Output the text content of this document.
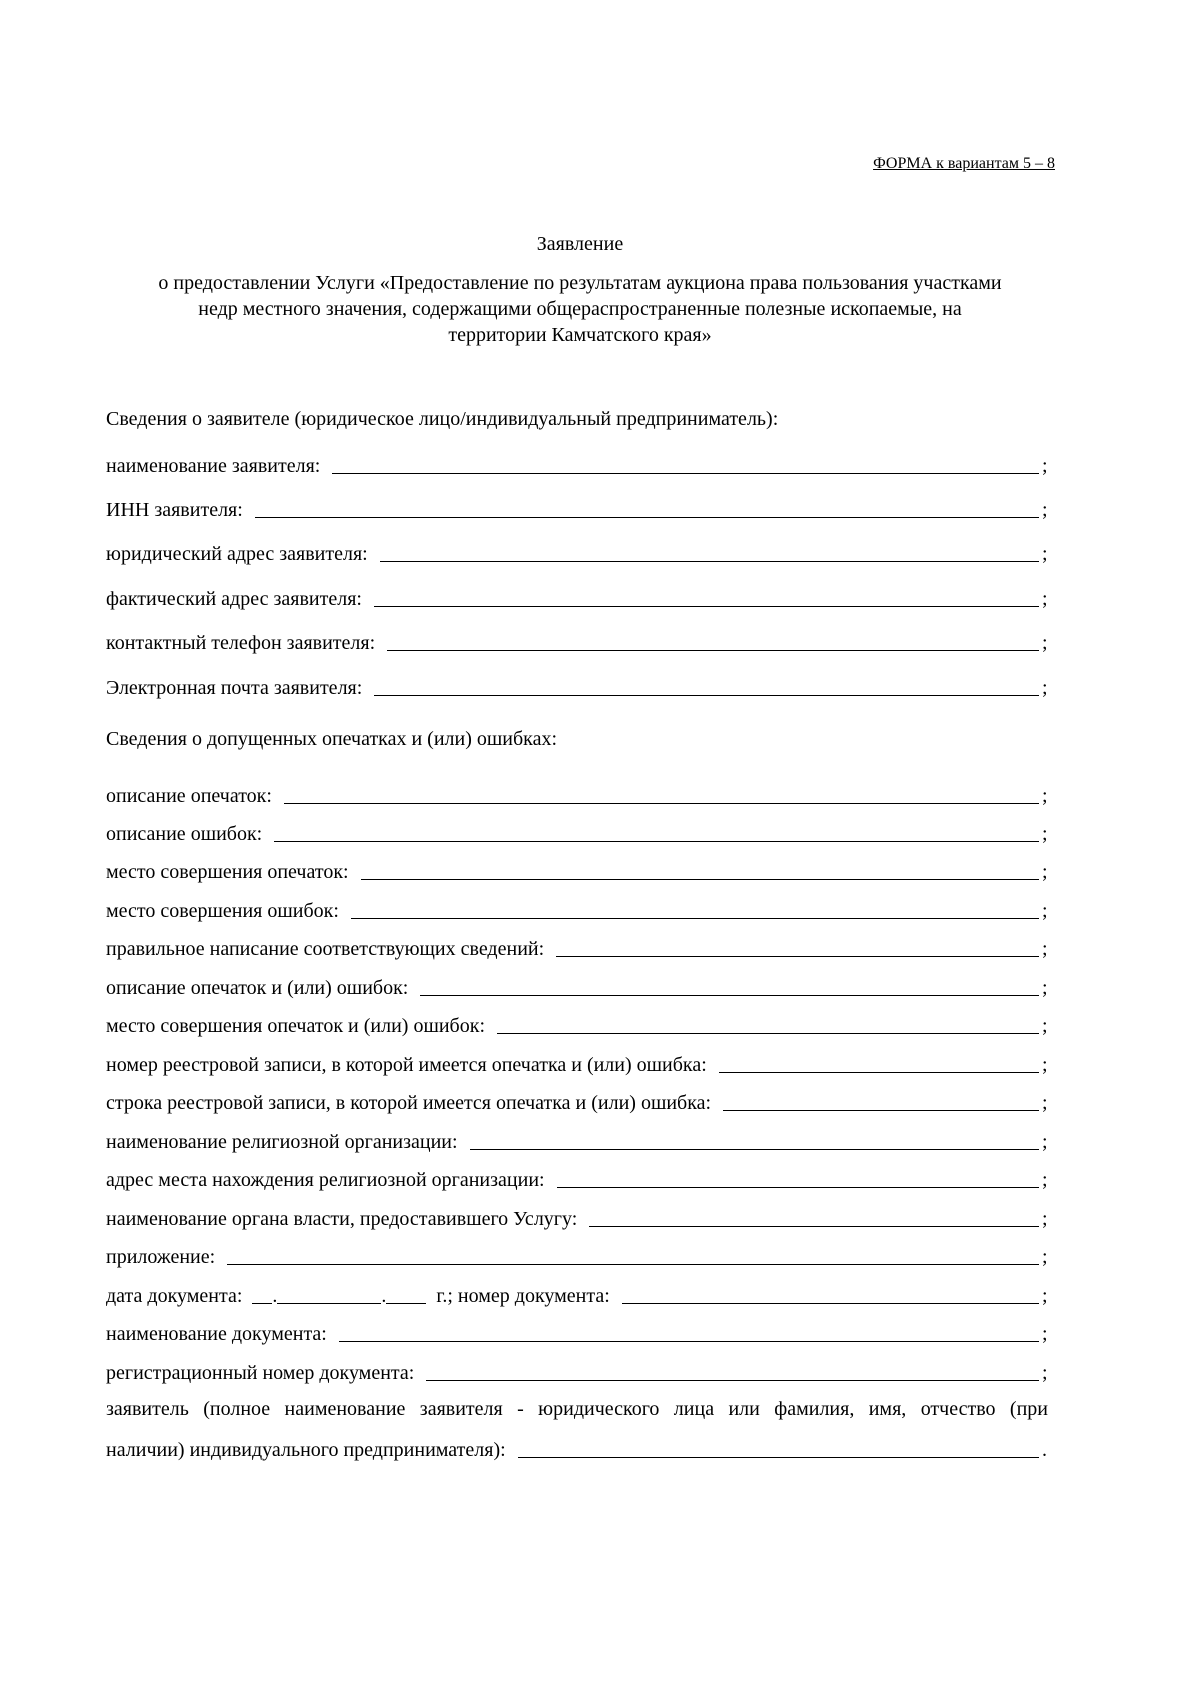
ФОРМА к вариантам 5 – 8
Заявление
о предоставлении Услуги «Предоставление по результатам аукциона права пользования участками
недр местного значения, содержащими общераспространенные полезные ископаемые, на
территории Камчатского края»
Сведения о заявителе (юридическое лицо/индивидуальный предприниматель):
наименование заявителя:	;
ИНН заявителя:	;
юридический адрес заявителя:	;
фактический адрес заявителя:	;
контактный телефон заявителя:	;
Электронная почта заявителя:	;
Сведения о допущенных опечатках и (или) ошибках:
описание опечаток:	;
описание ошибок:	;
место совершения опечаток:	;
место совершения ошибок:	;
правильное написание соответствующих сведений:	;
описание опечаток и (или) ошибок:	;
место совершения опечаток и (или) ошибок:	;
номер реестровой записи, в которой имеется опечатка и (или) ошибка:	;
строка реестровой записи, в которой имеется опечатка и (или) ошибка:	;
наименование религиозной организации:	;
адрес места нахождения религиозной организации:	;
наименование органа власти, предоставившего Услугу:	;
приложение:	;
дата документа: .	.	г.; номер документа:	;
наименование документа:	;
регистрационный номер документа:	;
заявитель (полное наименование заявителя - юридического лица или фамилия, имя, отчество (при
наличии) индивидуального предпринимателя):	.
